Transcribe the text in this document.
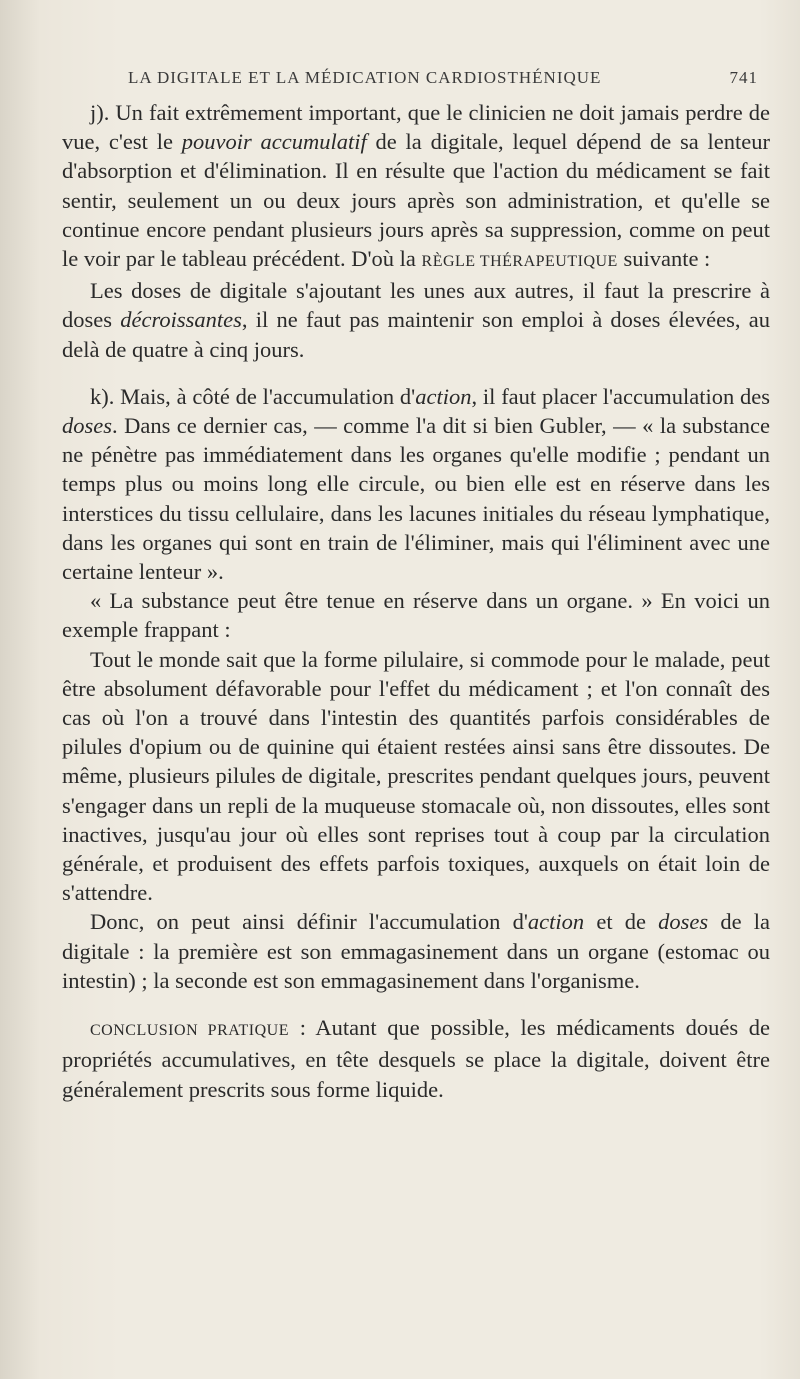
LA DIGITALE ET LA MÉDICATION CARDIOSTHÉNIQUE	741

j). Un fait extrêmement important, que le clinicien ne doit jamais perdre de vue, c'est le pouvoir accumulatif de la digitale, lequel dépend de sa lenteur d'absorption et d'élimination. Il en résulte que l'action du médicament se fait sentir, seulement un ou deux jours après son administration, et qu'elle se continue encore pendant plusieurs jours après sa suppression, comme on peut le voir par le tableau précédent. D'où la RÈGLE THÉRAPEUTIQUE suivante :

Les doses de digitale s'ajoutant les unes aux autres, il faut la prescrire à doses décroissantes, il ne faut pas maintenir son emploi à doses élevées, au delà de quatre à cinq jours.

k). Mais, à côté de l'accumulation d'action, il faut placer l'accumulation des doses. Dans ce dernier cas, — comme l'a dit si bien Gubler, — « la substance ne pénètre pas immédiatement dans les organes qu'elle modifie ; pendant un temps plus ou moins long elle circule, ou bien elle est en réserve dans les interstices du tissu cellulaire, dans les lacunes initiales du réseau lymphatique, dans les organes qui sont en train de l'éliminer, mais qui l'éliminent avec une certaine lenteur ».

« La substance peut être tenue en réserve dans un organe. » En voici un exemple frappant :

Tout le monde sait que la forme pilulaire, si commode pour le malade, peut être absolument défavorable pour l'effet du médicament ; et l'on connaît des cas où l'on a trouvé dans l'intestin des quantités parfois considérables de pilules d'opium ou de quinine qui étaient restées ainsi sans être dissoutes. De même, plusieurs pilules de digitale, prescrites pendant quelques jours, peuvent s'engager dans un repli de la muqueuse stomacale où, non dissoutes, elles sont inactives, jusqu'au jour où elles sont reprises tout à coup par la circulation générale, et produisent des effets parfois toxiques, auxquels on était loin de s'attendre.

Donc, on peut ainsi définir l'accumulation d'action et de doses de la digitale : la première est son emmagasinement dans un organe (estomac ou intestin) ; la seconde est son emmagasinement dans l'organisme.

CONCLUSION PRATIQUE : Autant que possible, les médicaments doués de propriétés accumulatives, en tête desquels se place la digitale, doivent être généralement prescrits sous forme liquide.
